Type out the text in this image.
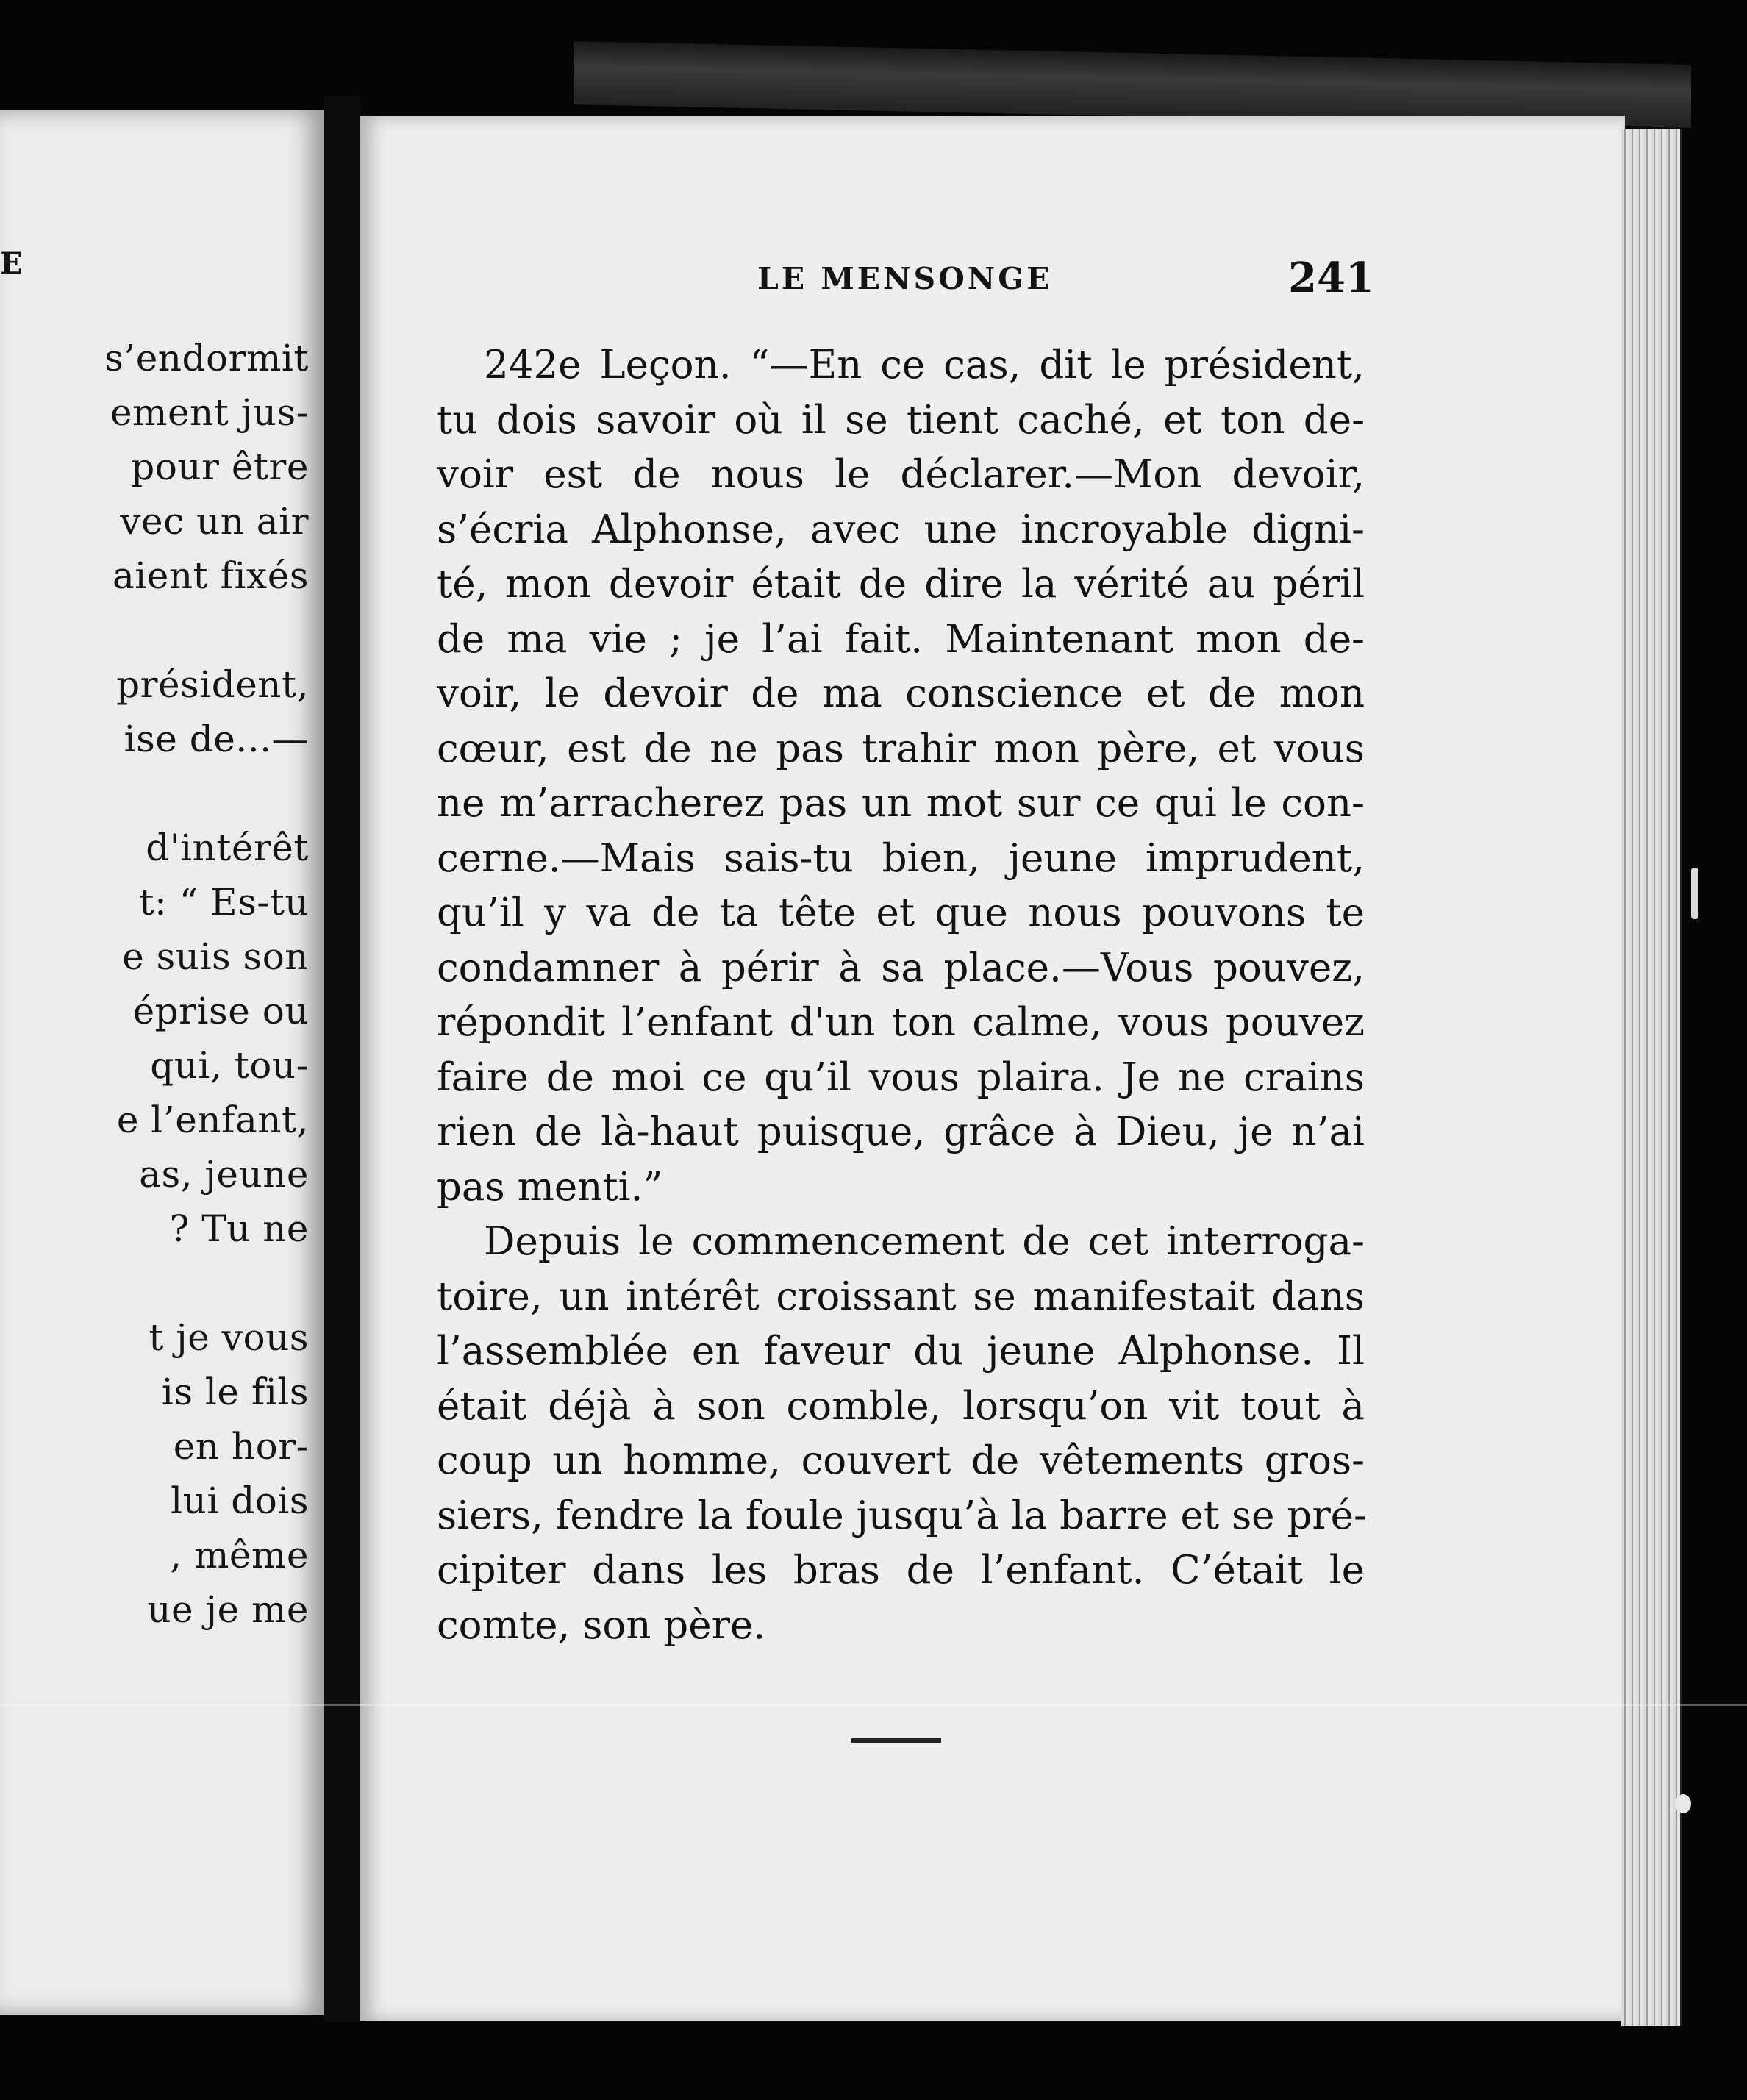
E
s’endormit
ement jus-
pour être
vec un air
aient fixés
président,
ise de...—
d'intérêt
t: “ Es-tu
e suis son
éprise ou
qui, tou-
e l’enfant,
as, jeune
? Tu ne
t je vous
is le fils
en hor-
lui dois
, même
ue je me
LE MENSONGE	241
242e Leçon. “—En ce cas, dit le président,
tu dois savoir où il se tient caché, et ton de-
voir est de nous le déclarer.—Mon devoir,
s’écria Alphonse, avec une incroyable digni-
té, mon devoir était de dire la vérité au péril
de ma vie ; je l’ai fait. Maintenant mon de-
voir, le devoir de ma conscience et de mon
cœur, est de ne pas trahir mon père, et vous
ne m’arracherez pas un mot sur ce qui le con-
cerne.—Mais sais-tu bien, jeune imprudent,
qu’il y va de ta tête et que nous pouvons te
condamner à périr à sa place.—Vous pouvez,
répondit l’enfant d'un ton calme, vous pouvez
faire de moi ce qu’il vous plaira. Je ne crains
rien de là-haut puisque, grâce à Dieu, je n’ai
pas menti.”
Depuis le commencement de cet interroga-
toire, un intérêt croissant se manifestait dans
l’assemblée en faveur du jeune Alphonse. Il
était déjà à son comble, lorsqu’on vit tout à
coup un homme, couvert de vêtements gros-
siers, fendre la foule jusqu’à la barre et se pré-
cipiter dans les bras de l’enfant. C’était le
comte, son père.
